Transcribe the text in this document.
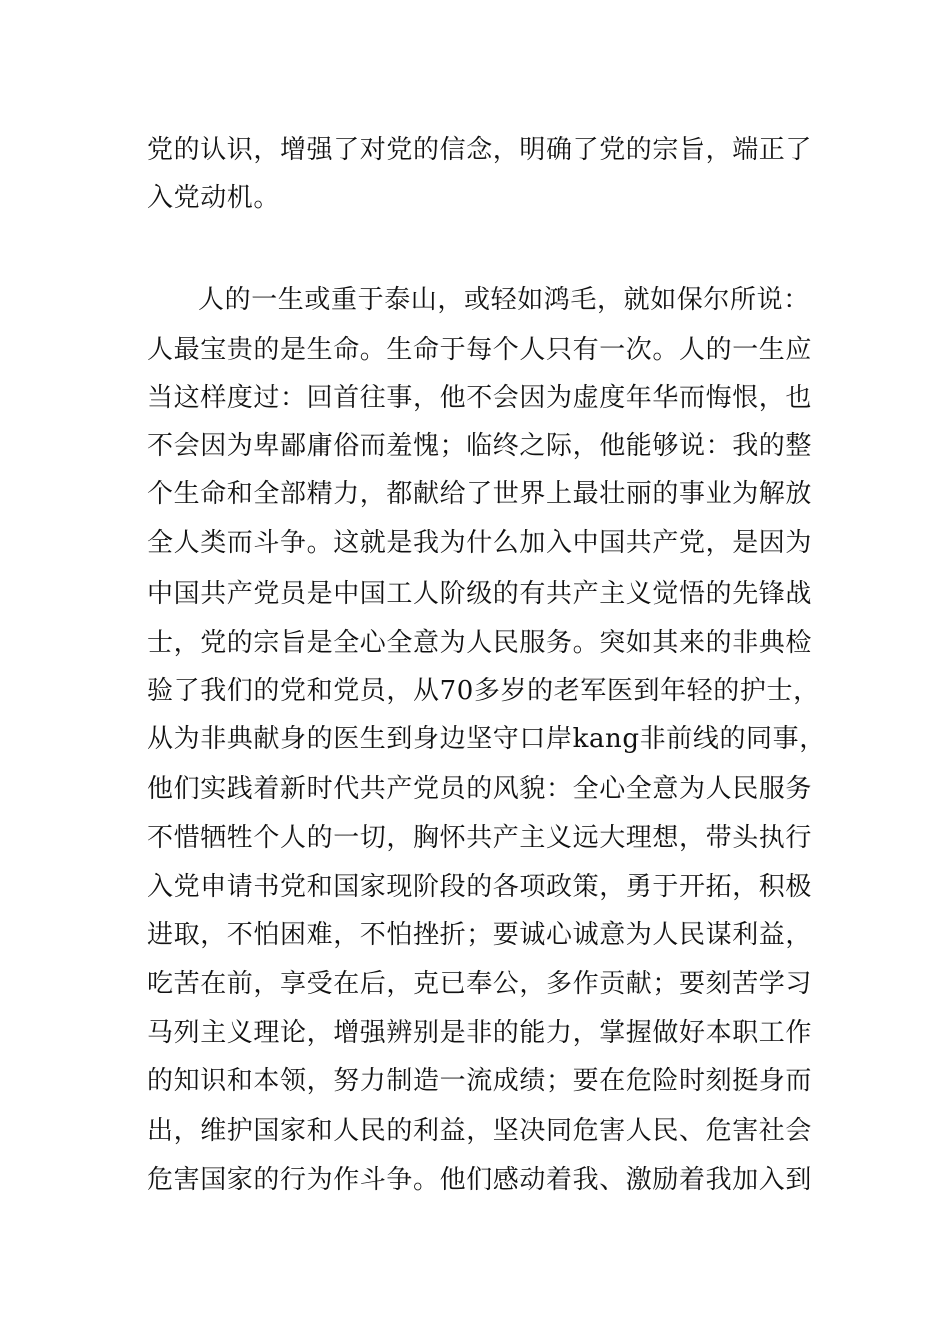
党的认识，增强了对党的信念，明确了党的宗旨，端正了
入党动机。
人的一生或重于泰山，或轻如鸿毛，就如保尔所说：
人最宝贵的是生命。生命于每个人只有一次。人的一生应
当这样度过：回首往事，他不会因为虚度年华而悔恨，也
不会因为卑鄙庸俗而羞愧；临终之际，他能够说：我的整
个生命和全部精力，都献给了世界上最壮丽的事业为解放
全人类而斗争。这就是我为什么加入中国共产党，是因为
中国共产党员是中国工人阶级的有共产主义觉悟的先锋战
士，党的宗旨是全心全意为人民服务。突如其来的非典检
验了我们的党和党员，从70多岁的老军医到年轻的护士，
从为非典献身的医生到身边坚守口岸kang非前线的同事，
他们实践着新时代共产党员的风貌：全心全意为人民服务
不惜牺牲个人的一切，胸怀共产主义远大理想，带头执行
入党申请书党和国家现阶段的各项政策，勇于开拓，积极
进取，不怕困难，不怕挫折；要诚心诚意为人民谋利益，
吃苦在前，享受在后，克已奉公，多作贡献；要刻苦学习
马列主义理论，增强辨别是非的能力，掌握做好本职工作
的知识和本领，努力制造一流成绩；要在危险时刻挺身而
出，维护国家和人民的利益，坚决同危害人民、危害社会
危害国家的行为作斗争。他们感动着我、激励着我加入到
